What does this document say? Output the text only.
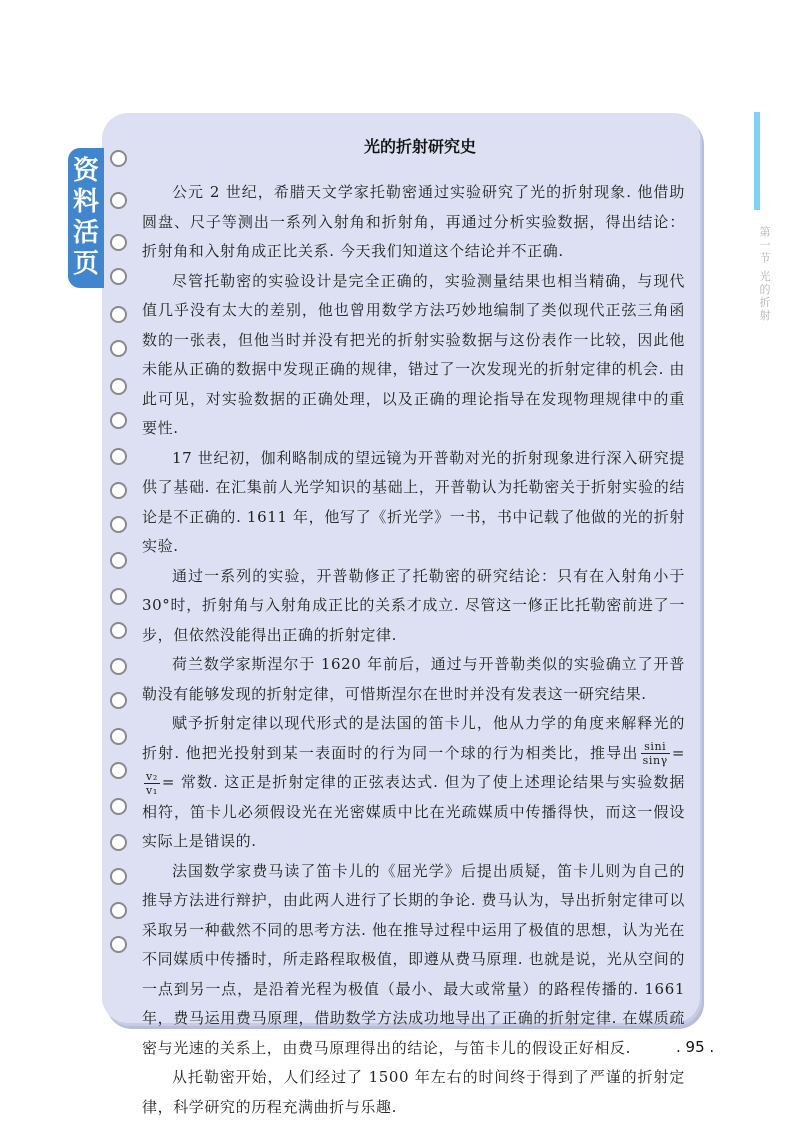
第一节 光的折射
资
料
活
页
光的折射研究史

公元 2 世纪，希腊天文学家托勒密通过实验研究了光的折射现象. 他借助圆盘、尺子等测出一系列入射角和折射角，再通过分析实验数据，得出结论：折射角和入射角成正比关系. 今天我们知道这个结论并不正确.

尽管托勒密的实验设计是完全正确的，实验测量结果也相当精确，与现代值几乎没有太大的差别，他也曾用数学方法巧妙地编制了类似现代正弦三角函数的一张表，但他当时并没有把光的折射实验数据与这份表作一比较，因此他未能从正确的数据中发现正确的规律，错过了一次发现光的折射定律的机会. 由此可见，对实验数据的正确处理，以及正确的理论指导在发现物理规律中的重要性.

17 世纪初，伽利略制成的望远镜为开普勒对光的折射现象进行深入研究提供了基础. 在汇集前人光学知识的基础上，开普勒认为托勒密关于折射实验的结论是不正确的. 1611 年，他写了《折光学》一书，书中记载了他做的光的折射实验.

通过一系列的实验，开普勒修正了托勒密的研究结论：只有在入射角小于 30°时，折射角与入射角成正比的关系才成立. 尽管这一修正比托勒密前进了一步，但依然没能得出正确的折射定律.

荷兰数学家斯涅尔于 1620 年前后，通过与开普勒类似的实验确立了开普勒没有能够发现的折射定律，可惜斯涅尔在世时并没有发表这一研究结果.

赋予折射定律以现代形式的是法国的笛卡儿，他从力学的角度来解释光的折射. 他把光投射到某一表面时的行为同一个球的行为相类比，推导出 $\frac{\sin i}{\sin\gamma}$ =
$\frac{\text{v₂}}{\text{v₁}}$ = 常数. 这正是折射定律的正弦表达式. 但为了使上述理论结果与实验数据相符，笛卡儿必须假设光在光密媒质中比在光疏媒质中传播得快，而这一假设实际上是错误的.

法国数学家费马读了笛卡儿的《屈光学》后提出质疑，笛卡儿则为自己的推导方法进行辩护，由此两人进行了长期的争论. 费马认为，导出折射定律可以采取另一种截然不同的思考方法. 他在推导过程中运用了极值的思想，认为光在不同媒质中传播时，所走路程取极值，即遵从费马原理. 也就是说，光从空间的一点到另一点，是沿着光程为极值（最小、最大或常量）的路程传播的. 1661 年，费马运用费马原理，借助数学方法成功地导出了正确的折射定律. 在媒质疏密与光速的关系上，由费马原理得出的结论，与笛卡儿的假设正好相反.

从托勒密开始，人们经过了 1500 年左右的时间终于得到了严谨的折射定律，科学研究的历程充满曲折与乐趣.

. 95 .
